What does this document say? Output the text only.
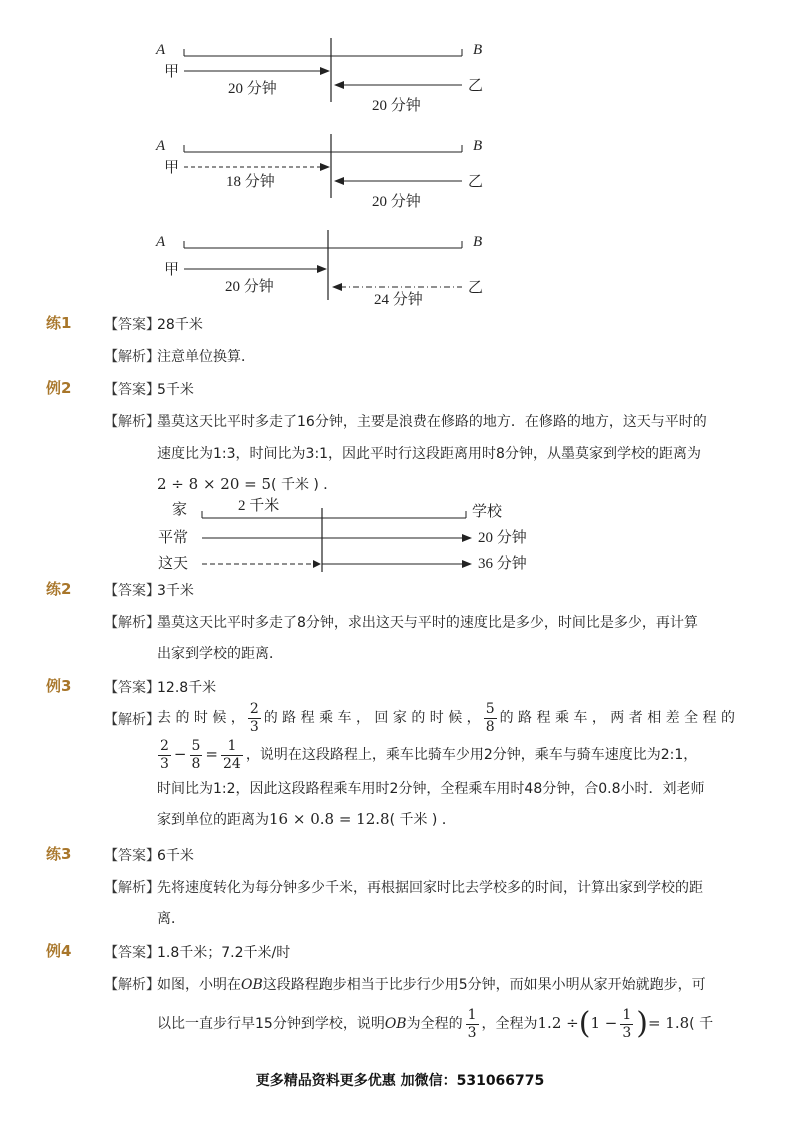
A	B
甲
20 分钟	乙
20 分钟
A	B
甲
18 分钟	乙
20 分钟
A	B
甲
20 分钟	乙
24 分钟
练1 【答案】
28千米
【解析】
注意单位换算．
例2 【答案】
5千米
【解析】
墨莫这天比平时多走了16分钟，主要是浪费在修路的地方．在修路的地方，这天与平时的
速度比为1:3，时间比为3:1，因此平时行这段距离用时8分钟，从墨莫家到学校的距离为
2 ÷ 8 × 20 = 5( 千米 ) ．
家	2 千米	学校
平常	20 分钟
这天	36 分钟
练2 【答案】
3千米
【解析】
墨莫这天比平时多走了8分钟，求出这天与平时的速度比是多少，时间比是多少，再计算
出家到学校的距离．
例3 【答案】
12.8千米
【解析】
去 的 时 候 ， $\frac{2}{3}$ 的 路 程 乘 车 ， 回 家 的 时 候 ， $\frac{5}{8}$ 的 路 程 乘 车 ， 两 者 相 差 全 程 的
$\frac{2}{3} - \frac{5}{8} = \frac{1}{24}$ ，说明在这段路程上，乘车比骑车少用2分钟，乘车与骑车速度比为2:1，
时间比为1:2，因此这段路程乘车用时2分钟，全程乘车用时48分钟，合0.8小时．刘老师
家到单位的距离为16 × 0.8 = 12.8( 千米 ) ．
练3 【答案】
6千米
【解析】
先将速度转化为每分钟多少千米，再根据回家时比去学校多的时间，计算出家到学校的距
离．
例4 【答案】
1.8千米；7.2千米/时
【解析】
如图，小明在OB这段路程跑步相当于比步行少用5分钟，而如果小明从家开始就跑步，可
以比一直步行早15分钟到学校，说明OB为全程的 $\frac{1}{3}$ ，全程为$1.2 \div(1 - \frac{1}{3}$ )= 1.8( 千
更多精品资料更多优惠 加微信：531066775
